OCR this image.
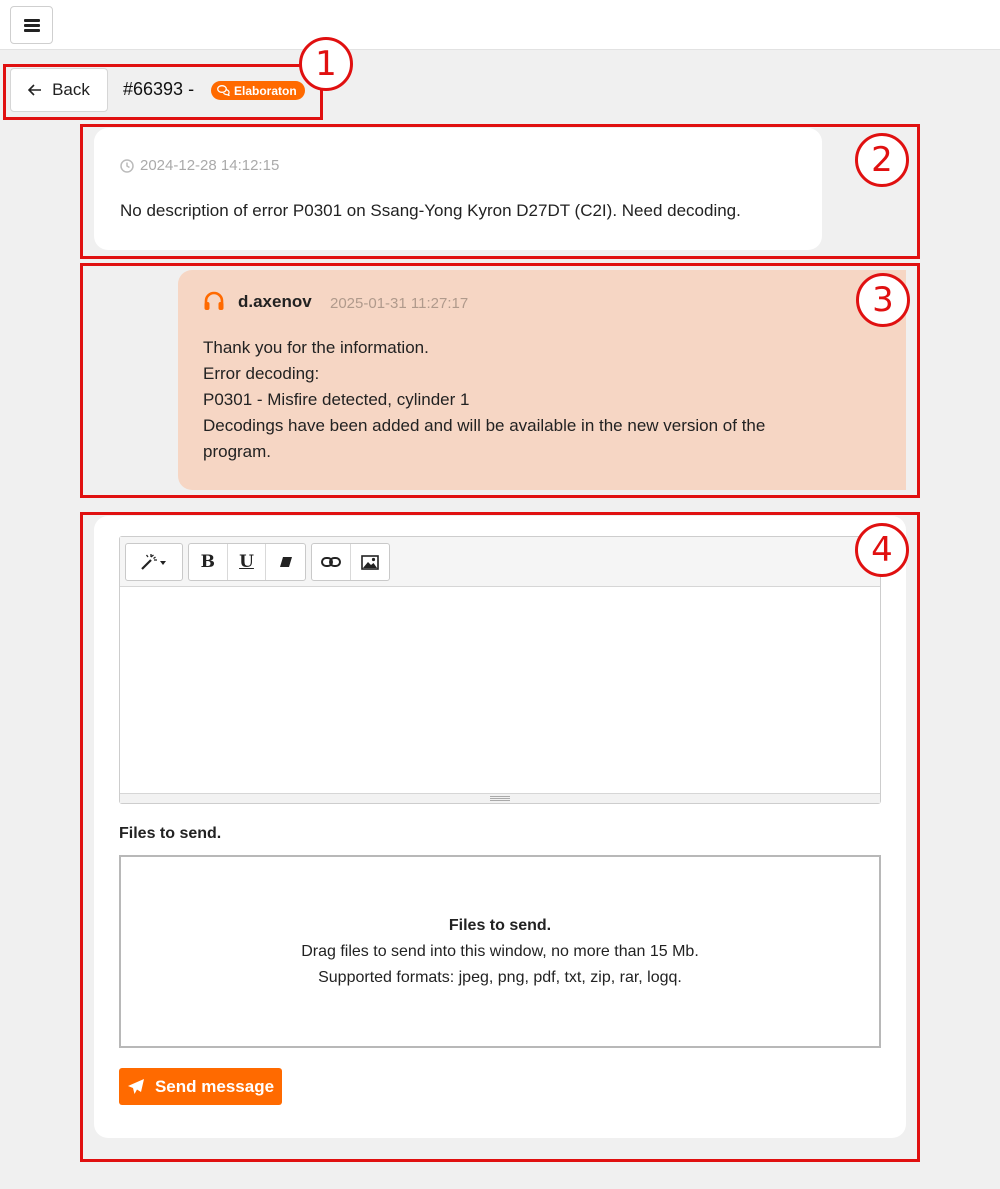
Back #66393 -	Elaboraton
2024-12-28 14:12:15
No description of error P0301 on Ssang-Yong Kyron D27DT (C2I). Need decoding.
d.axenov 2025-01-31 11:27:17
Thank you for the information.
Error decoding:
P0301 - Misfire detected, cylinder 1
Decodings have been added and will be available in the new version of the
program.
B	U
Files to send.
Files to send.
Drag files to send into this window, no more than 15 Mb.
Supported formats: jpeg, png, pdf, txt, zip, rar, logq.
Send message
1
2
3
4
